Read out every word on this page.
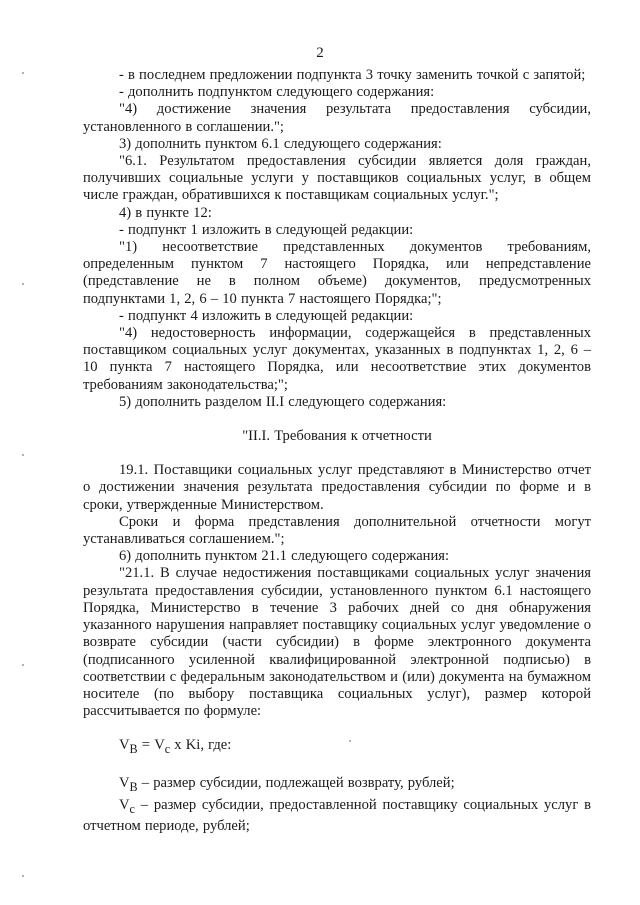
2

- в последнем предложении подпункта 3 точку заменить точкой с запятой;

- дополнить подпунктом следующего содержания:

"4) достижение значения результата предоставления субсидии, установленного в соглашении.";

3) дополнить пунктом 6.1 следующего содержания:

"6.1. Результатом предоставления субсидии является доля граждан, получивших социальные услуги у поставщиков социальных услуг, в общем числе граждан, обратившихся к поставщикам социальных услуг.";

4) в пункте 12:

- подпункт 1 изложить в следующей редакции:

"1) несоответствие представленных документов требованиям, определенным пунктом 7 настоящего Порядка, или непредставление (представление не в полном объеме) документов, предусмотренных подпунктами 1, 2, 6 – 10 пункта 7 настоящего Порядка;";

- подпункт 4 изложить в следующей редакции:

"4) недостоверность информации, содержащейся в представленных поставщиком социальных услуг документах, указанных в подпунктах 1, 2, 6 – 10 пункта 7 настоящего Порядка, или несоответствие этих документов требованиям законодательства;";

5) дополнить разделом II.I следующего содержания:

"II.I. Требования к отчетности

19.1. Поставщики социальных услуг представляют в Министерство отчет о достижении значения результата предоставления субсидии по форме и в сроки, утвержденные Министерством.

Сроки и форма представления дополнительной отчетности могут устанавливаться соглашением.";

6) дополнить пунктом 21.1 следующего содержания:

"21.1. В случае недостижения поставщиками социальных услуг значения результата предоставления субсидии, установленного пунктом 6.1 настоящего Порядка, Министерство в течение 3 рабочих дней со дня обнаружения указанного нарушения направляет поставщику социальных услуг уведомление о возврате субсидии (части субсидии) в форме электронного документа (подписанного усиленной квалифицированной электронной подписью) в соответствии с федеральным законодательством и (или) документа на бумажном носителе (по выбору поставщика социальных услуг), размер которой рассчитывается по формуле:

$V_В = V_с$ х Ki, где:

$V_В$ – размер субсидии, подлежащей возврату, рублей;

$V_с$ – размер субсидии, предоставленной поставщику социальных услуг в отчетном периоде, рублей;
